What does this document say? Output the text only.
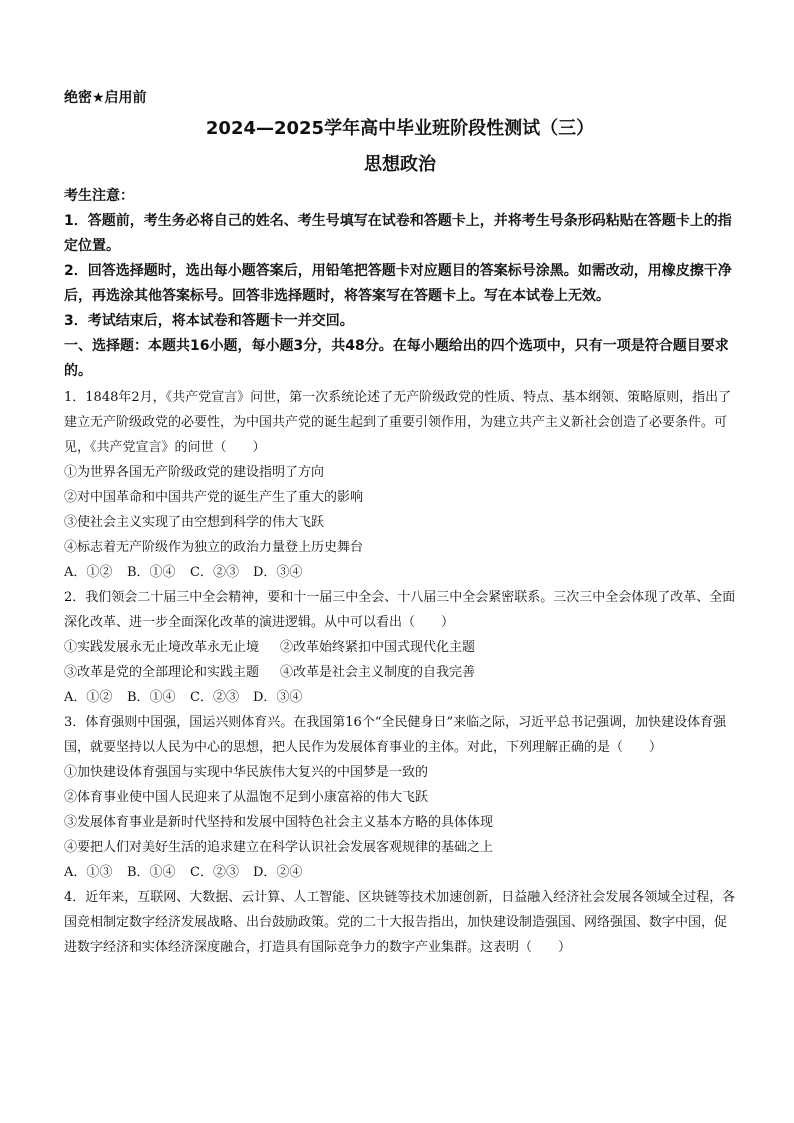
绝密★启用前

2024—2025学年高中毕业班阶段性测试（三）

思想政治

考生注意：

1．答题前，考生务必将自己的姓名、考生号填写在试卷和答题卡上，并将考生号条形码粘贴在答题卡上的指定位置。

2．回答选择题时，选出每小题答案后，用铅笔把答题卡对应题目的答案标号涂黑。如需改动，用橡皮擦干净后，再选涂其他答案标号。回答非选择题时，将答案写在答题卡上。写在本试卷上无效。

3．考试结束后，将本试卷和答题卡一并交回。

一、选择题：本题共16小题，每小题3分，共48分。在每小题给出的四个选项中，只有一项是符合题目要求的。

1．1848年2月，《共产党宣言》问世，第一次系统论述了无产阶级政党的性质、特点、基本纲领、策略原则，指出了建立无产阶级政党的必要性，为中国共产党的诞生起到了重要引领作用，为建立共产主义新社会创造了必要条件。可见，《共产党宣言》的问世（　　）

①为世界各国无产阶级政党的建设指明了方向

②对中国革命和中国共产党的诞生产生了重大的影响

③使社会主义实现了由空想到科学的伟大飞跃

④标志着无产阶级作为独立的政治力量登上历史舞台

A．①②	B．①④	C．②③	D．③④

2．我们领会二十届三中全会精神，要和十一届三中全会、十八届三中全会紧密联系。三次三中全会体现了改革、全面深化改革、进一步全面深化改革的演进逻辑。从中可以看出（　　）

①实践发展永无止境改革永无止境	②改革始终紧扣中国式现代化主题
③改革是党的全部理论和实践主题	④改革是社会主义制度的自我完善
A．①②	B．①④	C．②③	D．③④

3．体育强则中国强，国运兴则体育兴。在我国第16个“全民健身日”来临之际，习近平总书记强调，加快建设体育强国，就要坚持以人民为中心的思想，把人民作为发展体育事业的主体。对此，下列理解正确的是（　　）

①加快建设体育强国与实现中华民族伟大复兴的中国梦是一致的

②体育事业使中国人民迎来了从温饱不足到小康富裕的伟大飞跃

③发展体育事业是新时代坚持和发展中国特色社会主义基本方略的具体体现

④要把人们对美好生活的追求建立在科学认识社会发展客观规律的基础之上

A．①③	B．①④	C．②③	D．②④

4．近年来，互联网、大数据、云计算、人工智能、区块链等技术加速创新，日益融入经济社会发展各领域全过程，各国竞相制定数字经济发展战略、出台鼓励政策。党的二十大报告指出，加快建设制造强国、网络强国、数字中国，促进数字经济和实体经济深度融合，打造具有国际竞争力的数字产业集群。这表明（　　）
